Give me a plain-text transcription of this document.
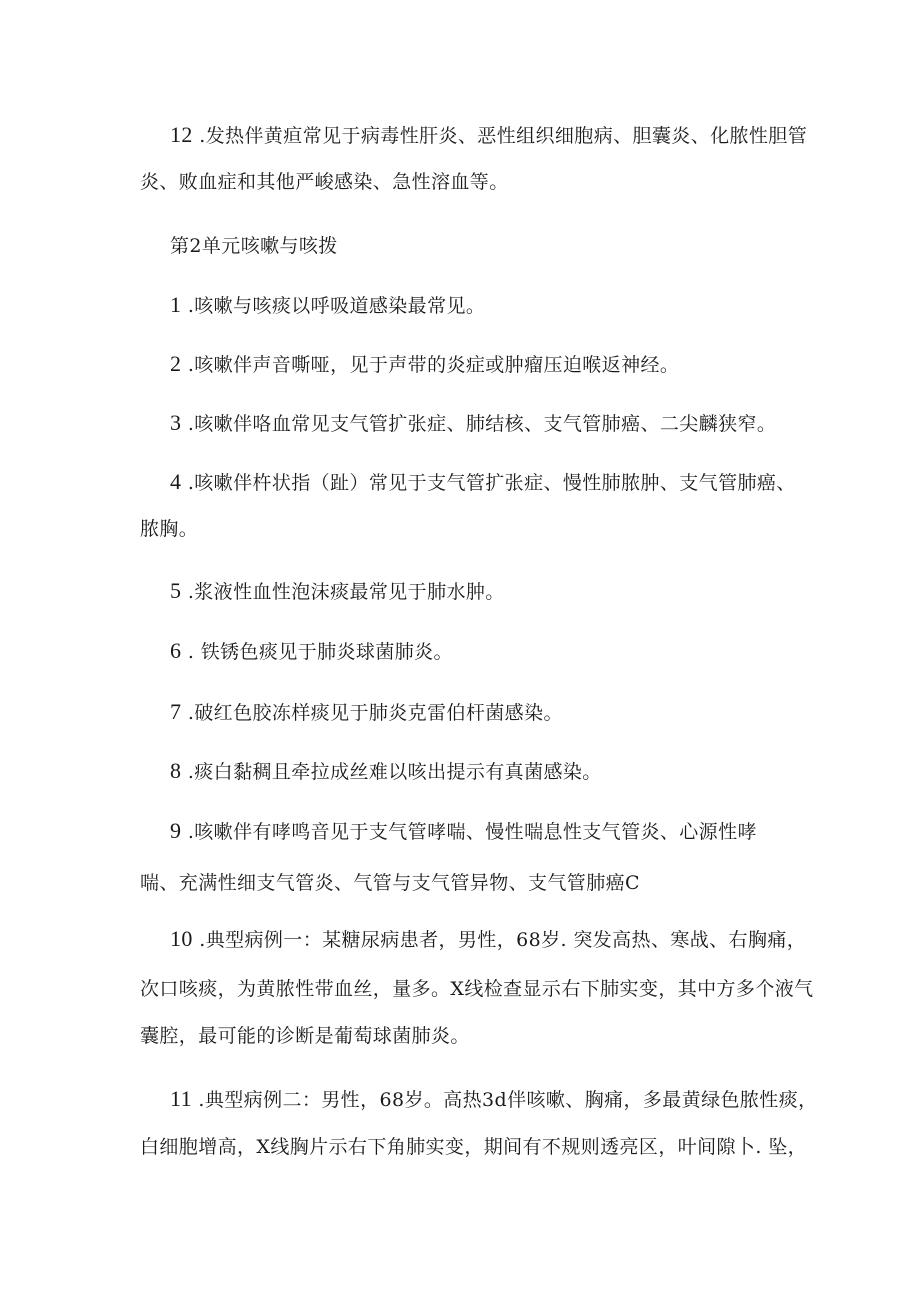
12 .发热伴黄疸常见于病毒性肝炎、恶性组织细胞病、胆囊炎、化脓性胆管
炎、败血症和其他严峻感染、急性溶血等。
第2单元咳嗽与咳拨
1 .咳嗽与咳痰以呼吸道感染最常见。
2 .咳嗽伴声音嘶哑，见于声带的炎症或肿瘤压迫喉返神经。
3 .咳嗽伴咯血常见支气管扩张症、肺结核、支气管肺癌、二尖麟狭窄。
4 .咳嗽伴杵状指（趾）常见于支气管扩张症、慢性肺脓肿、支气管肺癌、
脓胸。
5 .浆液性血性泡沫痰最常见于肺水肿。
6 . 铁锈色痰见于肺炎球菌肺炎。
7 .破红色胶冻样痰见于肺炎克雷伯杆菌感染。
8 .痰白黏稠且牵拉成丝难以咳出提示有真菌感染。
9 .咳嗽伴有哮鸣音见于支气管哮喘、慢性喘息性支气管炎、心源性哮
喘、充满性细支气管炎、气管与支气管异物、支气管肺癌C
10 .典型病例一：某糖尿病患者，男性，68岁. 突发高热、寒战、右胸痛，
次口咳痰，为黄脓性带血丝，量多。X线检查显示右下肺实变，其中方多个液气
囊腔，最可能的诊断是葡萄球菌肺炎。
11 .典型病例二：男性，68岁。高热3d伴咳嗽、胸痛，多最黄绿色脓性痰，
白细胞增高，X线胸片示右下角肺实变，期间有不规则透亮区，叶间隙卜. 坠，
